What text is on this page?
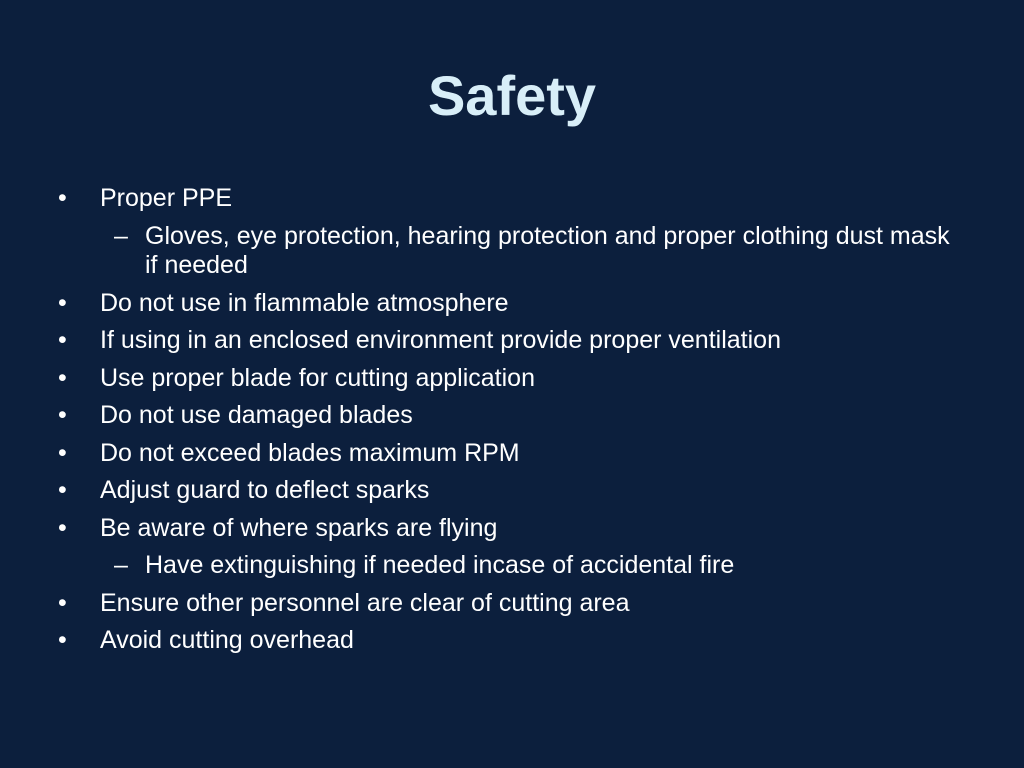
Safety
• Proper PPE
– Gloves, eye protection, hearing protection and proper clothing dust mask if needed
• Do not use in flammable atmosphere
• If using in an enclosed environment provide proper ventilation
• Use proper blade for cutting application
• Do not use damaged blades
• Do not exceed blades maximum RPM
• Adjust guard to deflect sparks
• Be aware of where sparks are flying
– Have extinguishing if needed incase of accidental fire
• Ensure other personnel are clear of cutting area
• Avoid cutting overhead
